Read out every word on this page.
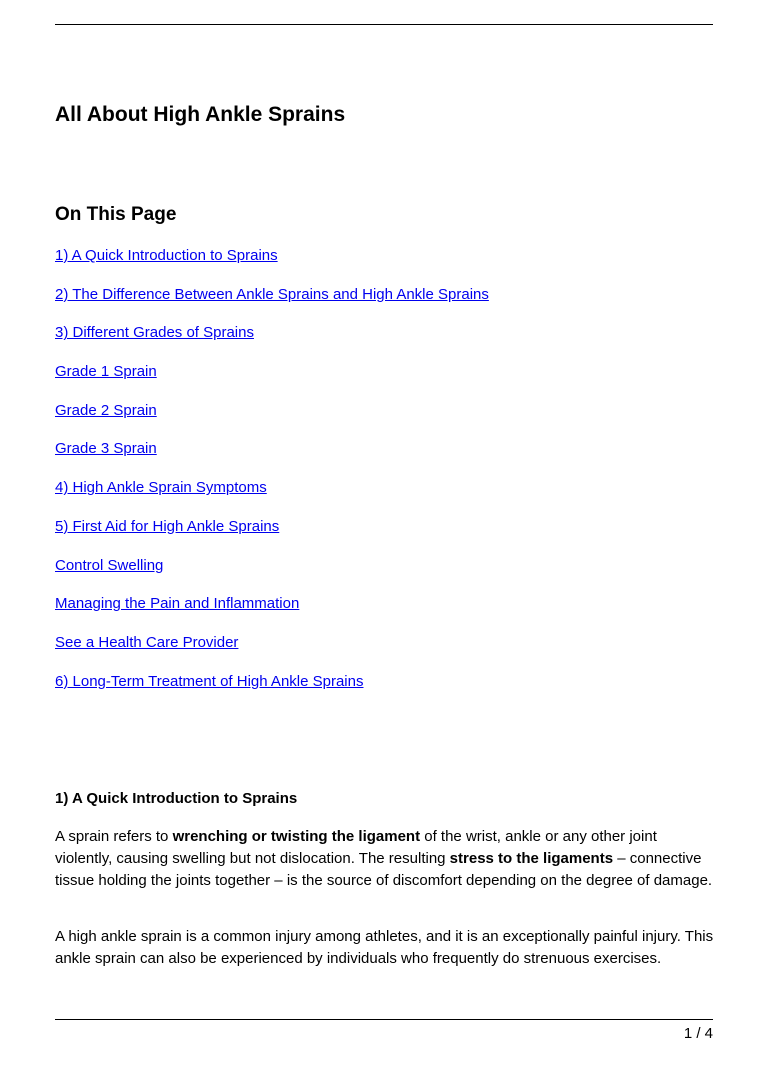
All About High Ankle Sprains
On This Page
1) A Quick Introduction to Sprains
2) The Difference Between Ankle Sprains and High Ankle Sprains
3) Different Grades of Sprains
Grade 1 Sprain
Grade 2 Sprain
Grade 3 Sprain
4) High Ankle Sprain Symptoms
5) First Aid for High Ankle Sprains
Control Swelling
Managing the Pain and Inflammation
See a Health Care Provider
6) Long-Term Treatment of High Ankle Sprains
1) A Quick Introduction to Sprains

A sprain refers to wrenching or twisting the ligament of the wrist, ankle or any other joint violently, causing swelling but not dislocation. The resulting stress to the ligaments – connective tissue holding the joints together – is the source of discomfort depending on the degree of damage.

A high ankle sprain is a common injury among athletes, and it is an exceptionally painful injury. This ankle sprain can also be experienced by individuals who frequently do strenuous exercises.

1 / 4
